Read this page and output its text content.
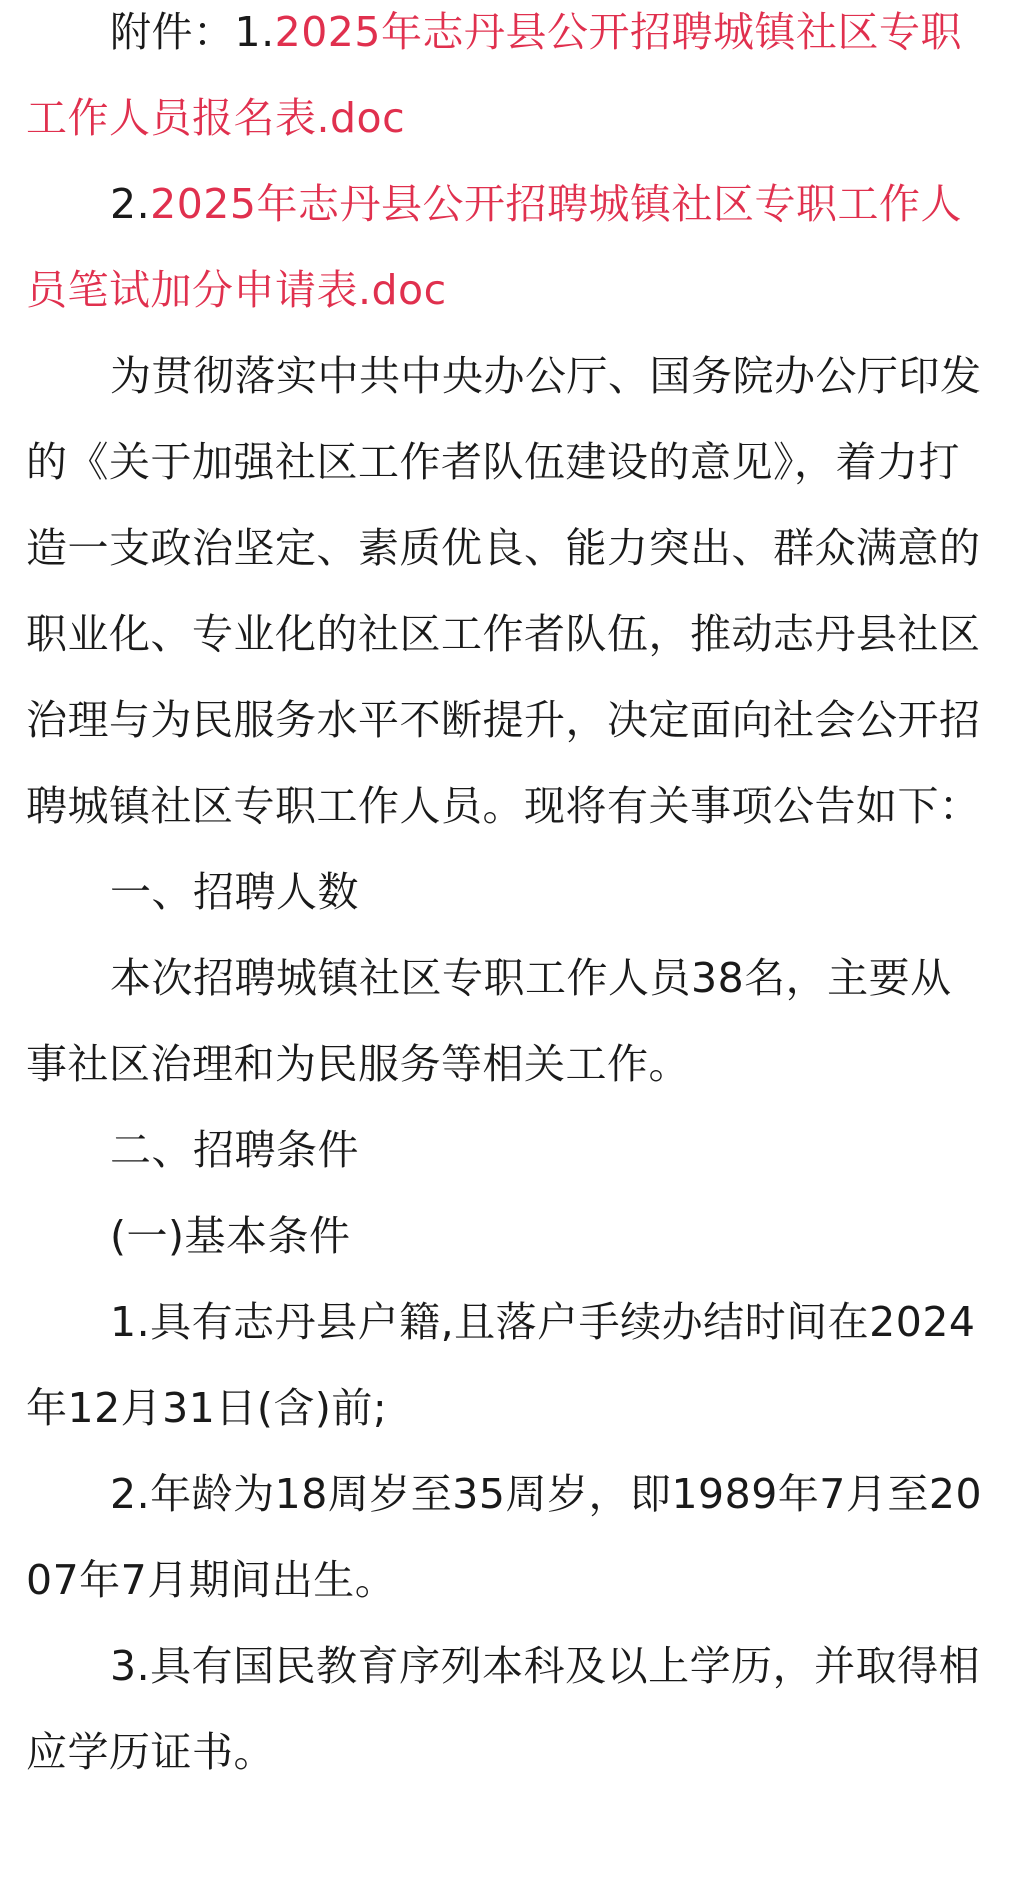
附件：1.2025年志丹县公开招聘城镇社区专职工作人员报名表.doc

2.2025年志丹县公开招聘城镇社区专职工作人员笔试加分申请表.doc

为贯彻落实中共中央办公厅、国务院办公厅印发的《关于加强社区工作者队伍建设的意见》，着力打造一支政治坚定、素质优良、能力突出、群众满意的职业化、专业化的社区工作者队伍，推动志丹县社区治理与为民服务水平不断提升，决定面向社会公开招聘城镇社区专职工作人员。现将有关事项公告如下：

一、招聘人数

本次招聘城镇社区专职工作人员38名，主要从事社区治理和为民服务等相关工作。

二、招聘条件

(一)基本条件

1.具有志丹县户籍,且落户手续办结时间在2024年12月31日(含)前;

2.年龄为18周岁至35周岁，即1989年7月至2007年7月期间出生。

3.具有国民教育序列本科及以上学历，并取得相应学历证书。
